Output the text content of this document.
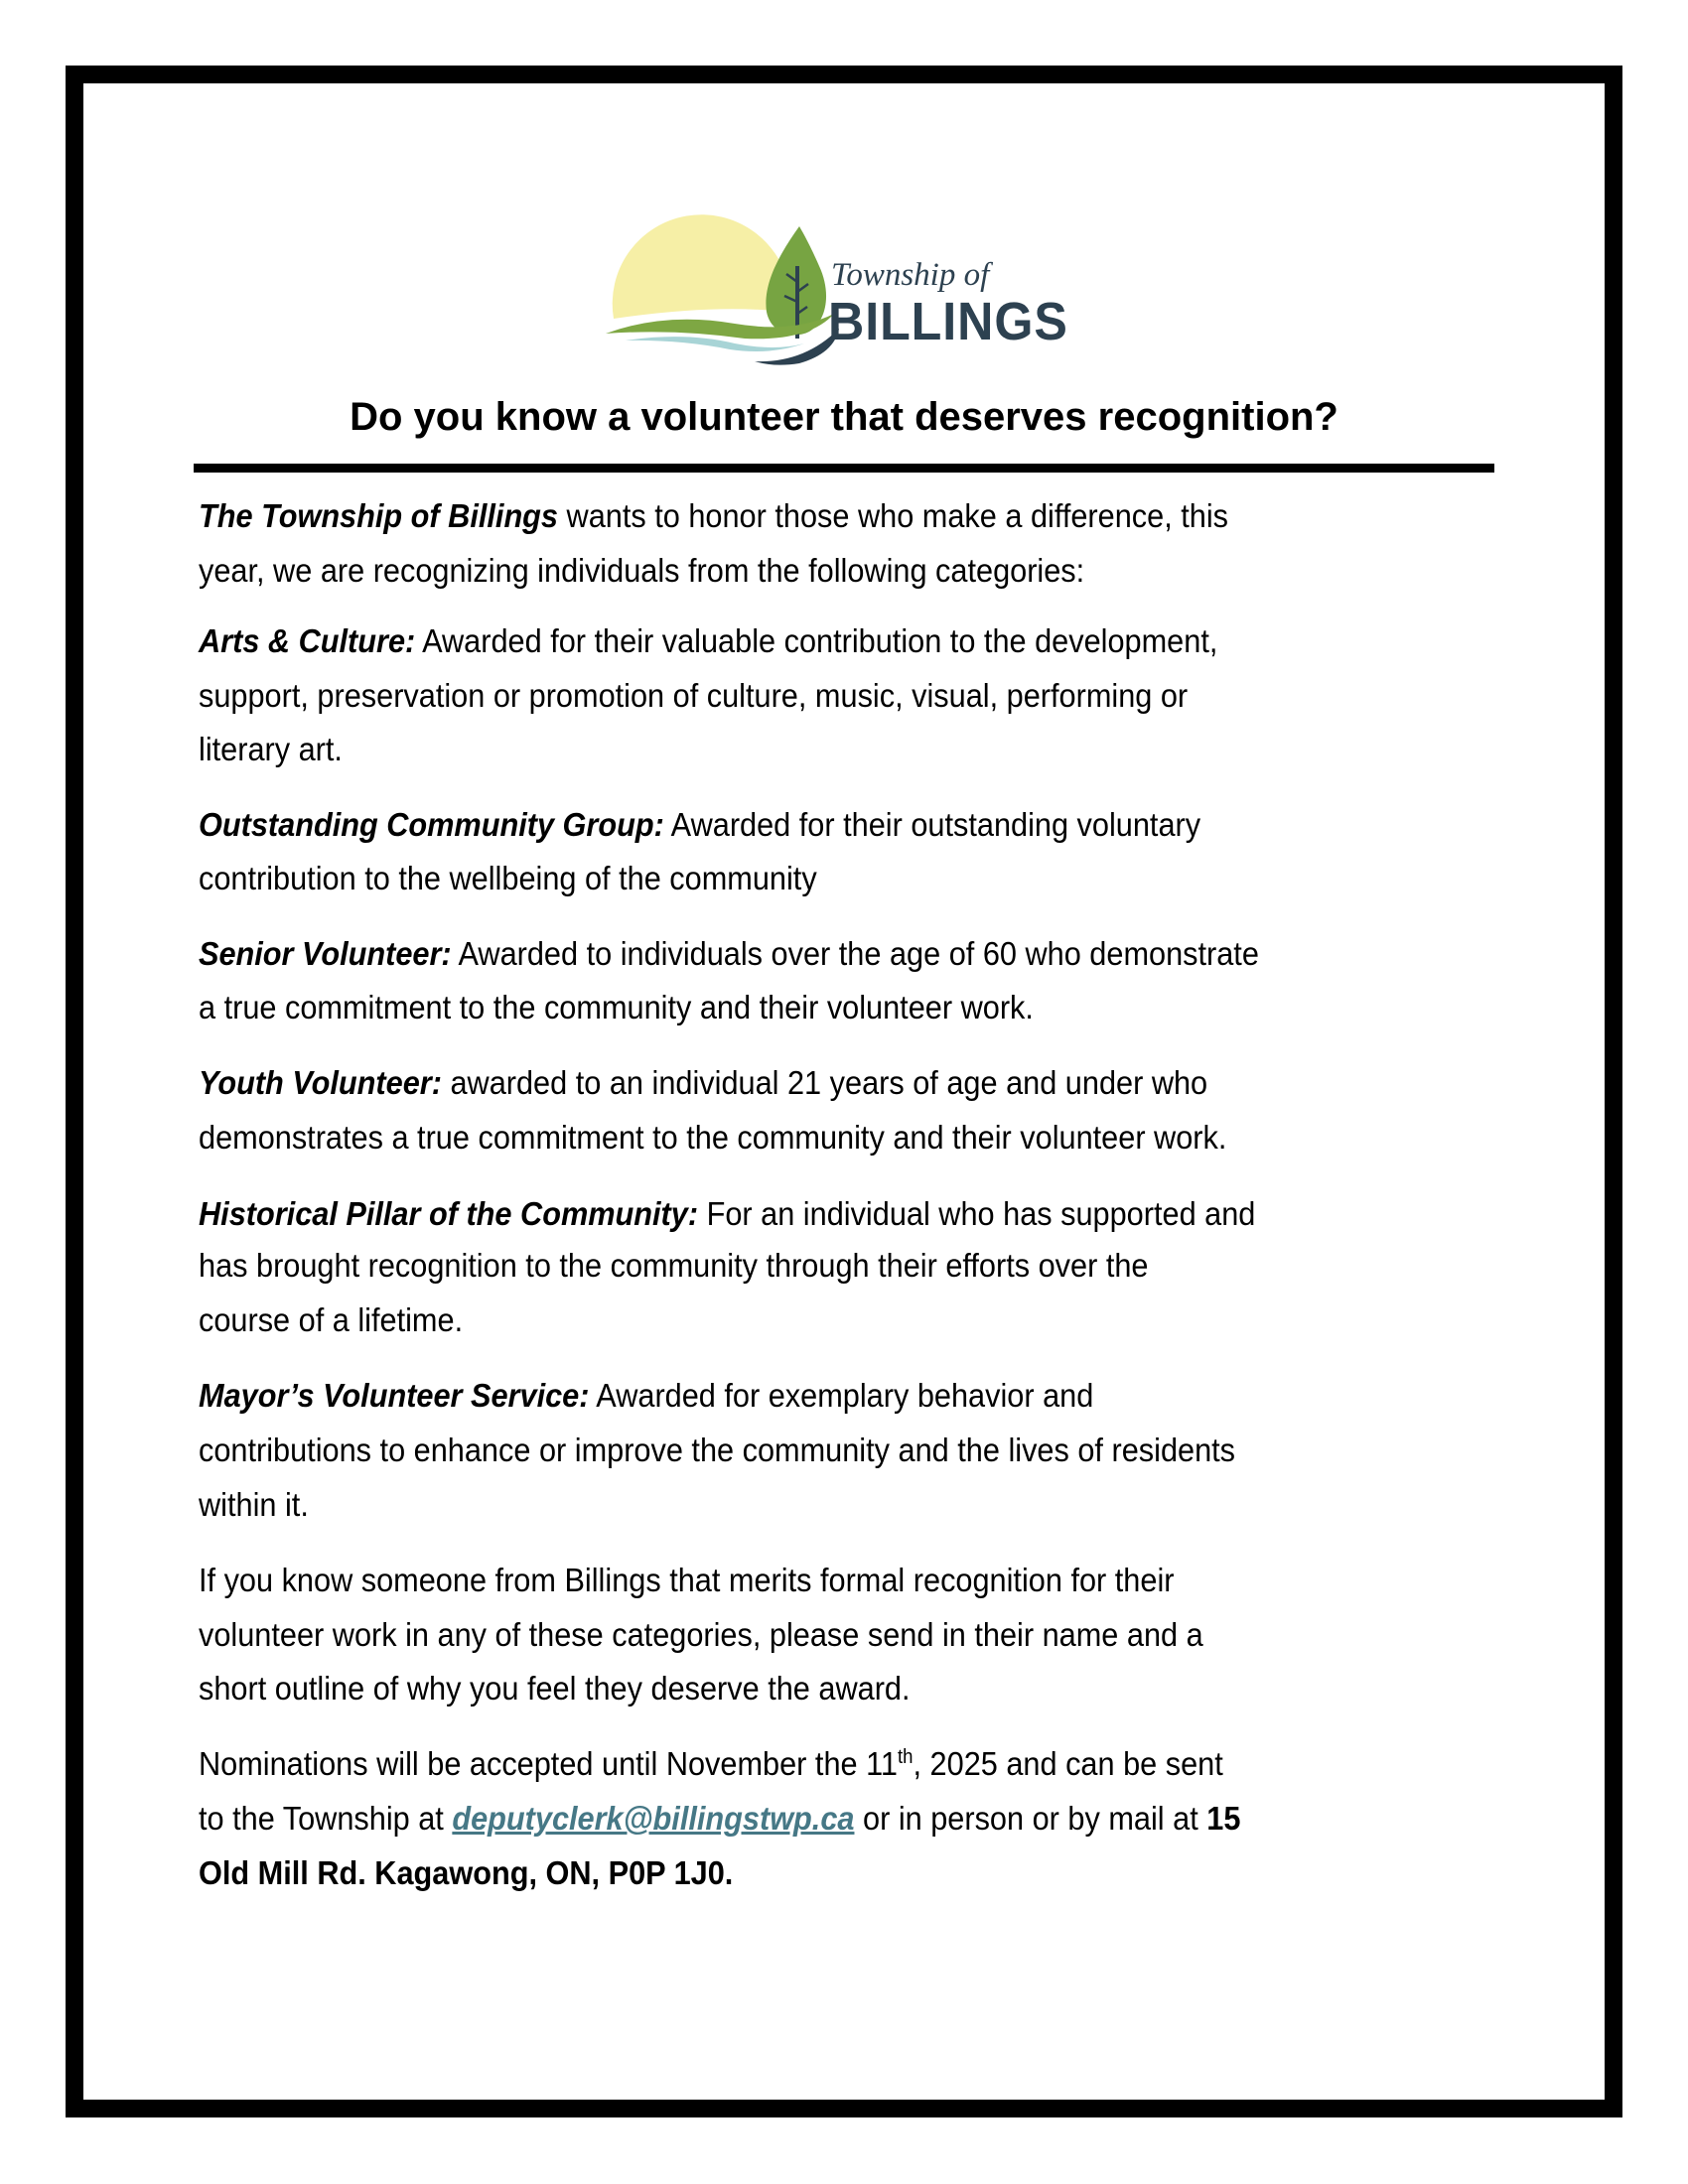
Township of
BILLINGS
Do you know a volunteer that deserves recognition?
The Township of Billings wants to honor those who make a difference, this
year, we are recognizing individuals from the following categories:
Arts & Culture: Awarded for their valuable contribution to the development,
support, preservation or promotion of culture, music, visual, performing or
literary art.
Outstanding Community Group: Awarded for their outstanding voluntary
contribution to the wellbeing of the community
Senior Volunteer: Awarded to individuals over the age of 60 who demonstrate
a true commitment to the community and their volunteer work.
Youth Volunteer: awarded to an individual 21 years of age and under who
demonstrates a true commitment to the community and their volunteer work.
Historical Pillar of the Community: For an individual who has supported and
has brought recognition to the community through their efforts over the
course of a lifetime.
Mayor’s Volunteer Service: Awarded for exemplary behavior and
contributions to enhance or improve the community and the lives of residents
within it.
If you know someone from Billings that merits formal recognition for their
volunteer work in any of these categories, please send in their name and a
short outline of why you feel they deserve the award.
Nominations will be accepted until November the 11th, 2025 and can be sent
to the Township at deputyclerk@billingstwp.ca or in person or by mail at 15
Old Mill Rd. Kagawong, ON, P0P 1J0.
